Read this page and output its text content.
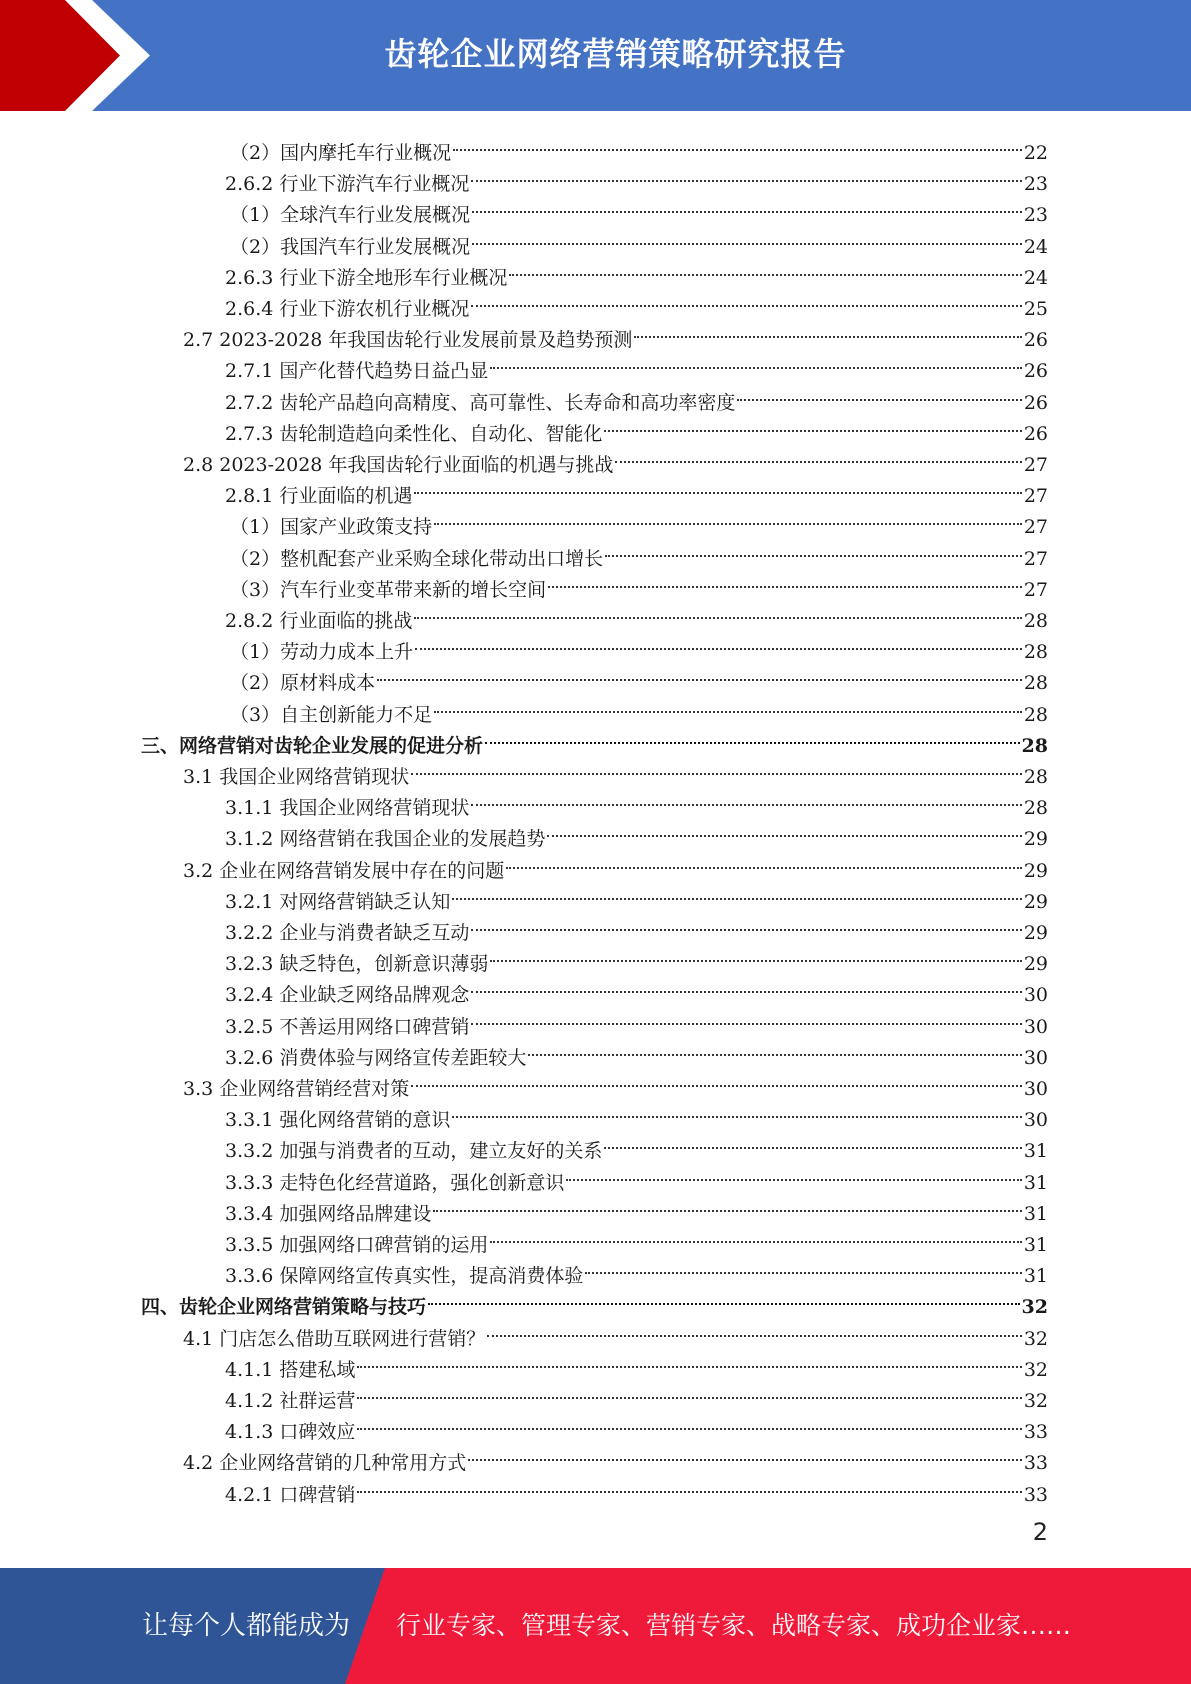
齿轮企业网络营销策略研究报告
（2）国内摩托车行业概况	22
2.6.2 行业下游汽车行业概况	23
（1）全球汽车行业发展概况	23
（2）我国汽车行业发展概况	24
2.6.3 行业下游全地形车行业概况	24
2.6.4 行业下游农机行业概况	25
2.7 2023-2028 年我国齿轮行业发展前景及趋势预测	26
2.7.1 国产化替代趋势日益凸显	26
2.7.2 齿轮产品趋向高精度、高可靠性、长寿命和高功率密度	26
2.7.3 齿轮制造趋向柔性化、自动化、智能化	26
2.8 2023-2028 年我国齿轮行业面临的机遇与挑战	27
2.8.1 行业面临的机遇	27
（1）国家产业政策支持	27
（2）整机配套产业采购全球化带动出口增长	27
（3）汽车行业变革带来新的增长空间	27
2.8.2 行业面临的挑战	28
（1）劳动力成本上升	28
（2）原材料成本	28
（3）自主创新能力不足	28
三、网络营销对齿轮企业发展的促进分析	28
3.1 我国企业网络营销现状	28
3.1.1 我国企业网络营销现状	28
3.1.2 网络营销在我国企业的发展趋势	29
3.2 企业在网络营销发展中存在的问题	29
3.2.1 对网络营销缺乏认知	29
3.2.2 企业与消费者缺乏互动	29
3.2.3 缺乏特色，创新意识薄弱	29
3.2.4 企业缺乏网络品牌观念	30
3.2.5 不善运用网络口碑营销	30
3.2.6 消费体验与网络宣传差距较大	30
3.3 企业网络营销经营对策	30
3.3.1 强化网络营销的意识	30
3.3.2 加强与消费者的互动，建立友好的关系	31
3.3.3 走特色化经营道路，强化创新意识	31
3.3.4 加强网络品牌建设	31
3.3.5 加强网络口碑营销的运用	31
3.3.6 保障网络宣传真实性，提高消费体验	31
四、齿轮企业网络营销策略与技巧	32
4.1 门店怎么借助互联网进行营销？	32
4.1.1 搭建私域	32
4.1.2 社群运营	32
4.1.3 口碑效应	33
4.2 企业网络营销的几种常用方式	33
4.2.1 口碑营销	33
2
让每个人都能成为 行业专家、管理专家、营销专家、战略专家、成功企业家……
